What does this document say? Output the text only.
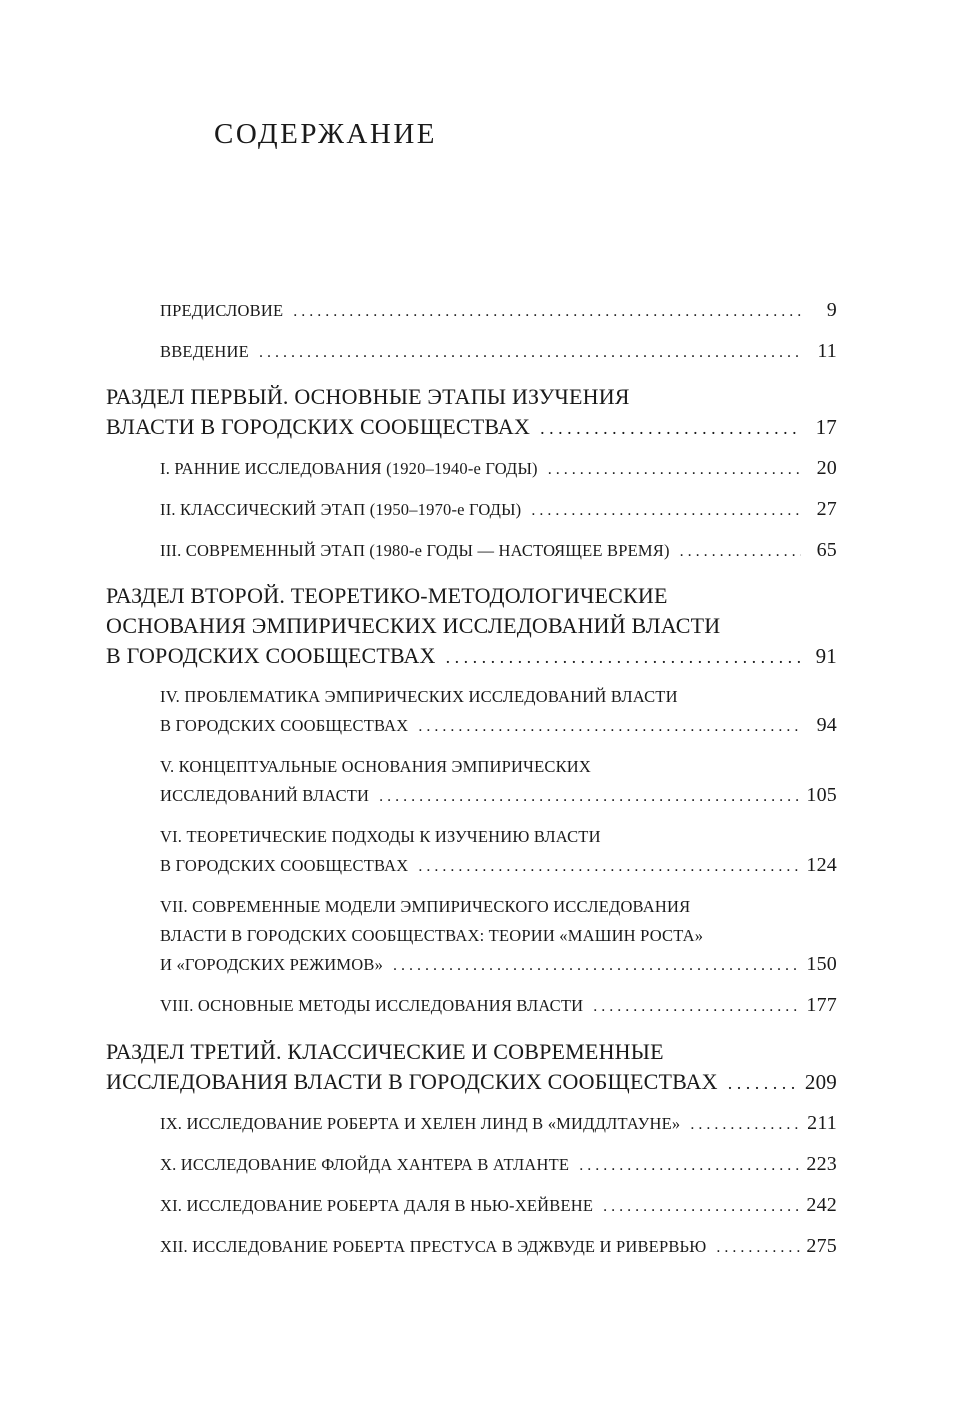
СОДЕРЖАНИЕ
ПРЕДИСЛОВИЕ . . .	9
ВВЕДЕНИЕ . . .	11
РАЗДЕЛ ПЕРВЫЙ. ОСНОВНЫЕ ЭТАПЫ ИЗУЧЕНИЯ
ВЛАСТИ В ГОРОДСКИХ СООБЩЕСТВАХ . . .	17
I. РАННИЕ ИССЛЕДОВАНИЯ (1920–1940-е ГОДЫ) . . .	20
II. КЛАССИЧЕСКИЙ ЭТАП (1950–1970-е ГОДЫ) . . .	27
III. СОВРЕМЕННЫЙ ЭТАП (1980-е ГОДЫ — НАСТОЯЩЕЕ ВРЕМЯ) . . .	65
РАЗДЕЛ ВТОРОЙ. ТЕОРЕТИКО-МЕТОДОЛОГИЧЕСКИЕ
ОСНОВАНИЯ ЭМПИРИЧЕСКИХ ИССЛЕДОВАНИЙ ВЛАСТИ
В ГОРОДСКИХ СООБЩЕСТВАХ . . .	91
IV. ПРОБЛЕМАТИКА ЭМПИРИЧЕСКИХ ИССЛЕДОВАНИЙ ВЛАСТИ
В ГОРОДСКИХ СООБЩЕСТВАХ . . .	94
V. КОНЦЕПТУАЛЬНЫЕ ОСНОВАНИЯ ЭМПИРИЧЕСКИХ
ИССЛЕДОВАНИЙ ВЛАСТИ . . .	105
VI. ТЕОРЕТИЧЕСКИЕ ПОДХОДЫ К ИЗУЧЕНИЮ ВЛАСТИ
В ГОРОДСКИХ СООБЩЕСТВАХ . . .	124
VII. СОВРЕМЕННЫЕ МОДЕЛИ ЭМПИРИЧЕСКОГО ИССЛЕДОВАНИЯ
ВЛАСТИ В ГОРОДСКИХ СООБЩЕСТВАХ: ТЕОРИИ «МАШИН РОСТА»
И «ГОРОДСКИХ РЕЖИМОВ» . . .	150
VIII. ОСНОВНЫЕ МЕТОДЫ ИССЛЕДОВАНИЯ ВЛАСТИ . . .	177
РАЗДЕЛ ТРЕТИЙ. КЛАССИЧЕСКИЕ И СОВРЕМЕННЫЕ
ИССЛЕДОВАНИЯ ВЛАСТИ В ГОРОДСКИХ СООБЩЕСТВАХ . . .	209
IX. ИССЛЕДОВАНИЕ РОБЕРТА И ХЕЛЕН ЛИНД В «МИДДЛТАУНЕ» . . .	211
X. ИССЛЕДОВАНИЕ ФЛОЙДА ХАНТЕРА В АТЛАНТЕ . . .	223
XI. ИССЛЕДОВАНИЕ РОБЕРТА ДАЛЯ В НЬЮ-ХЕЙВЕНЕ . . .	242
XII. ИССЛЕДОВАНИЕ РОБЕРТА ПРЕСТУСА В ЭДЖВУДЕ И РИВЕРВЬЮ . . .	275
